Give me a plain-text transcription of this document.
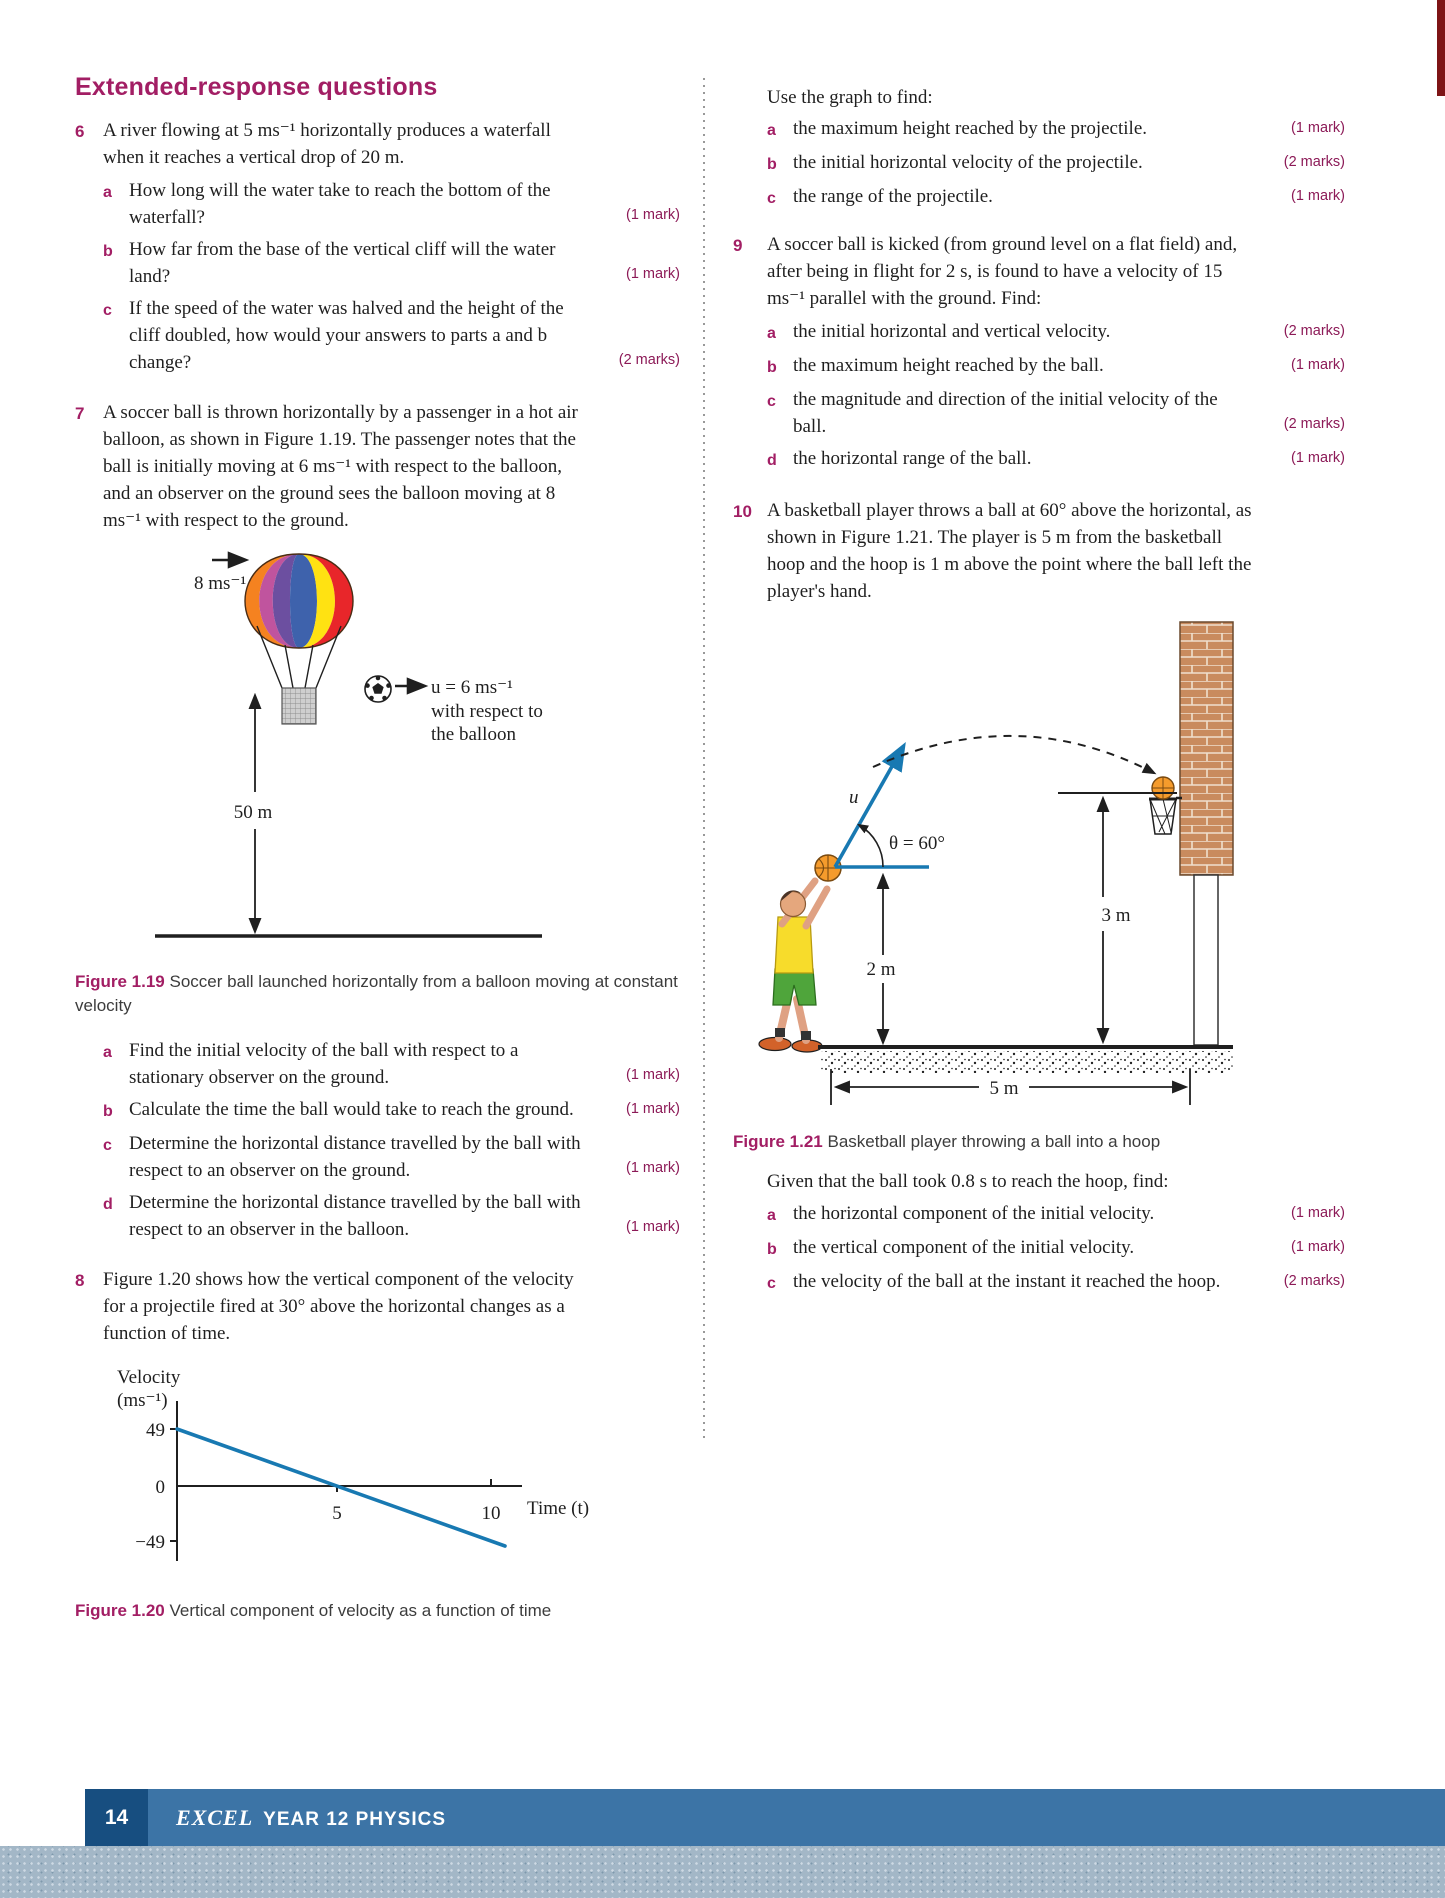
Extended-response questions
6 A river flowing at 5 ms⁻¹ horizontally produces a waterfall when it reaches a vertical drop of 20 m.
a How long will the water take to reach the bottom of the waterfall?	(1 mark)
b How far from the base of the vertical cliff will the water land?	(1 mark)
c If the speed of the water was halved and the height of the cliff doubled, how would your answers to parts a and b change?	(2 marks)
7 A soccer ball is thrown horizontally by a passenger in a hot air balloon, as shown in Figure 1.19. The passenger notes that the ball is initially moving at 6 ms⁻¹ with respect to the balloon, and an observer on the ground sees the balloon moving at 8 ms⁻¹ with respect to the ground.
8 ms⁻¹
u = 6 ms⁻¹
with respect to
the balloon
50 m
Figure 1.19 Soccer ball launched horizontally from a balloon moving at constant velocity
a Find the initial velocity of the ball with respect to a stationary observer on the ground.	(1 mark)
b Calculate the time the ball would take to reach the ground.	(1 mark)
c Determine the horizontal distance travelled by the ball with respect to an observer on the ground.	(1 mark)
d Determine the horizontal distance travelled by the ball with respect to an observer in the balloon.	(1 mark)
8 Figure 1.20 shows how the vertical component of the velocity for a projectile fired at 30° above the horizontal changes as a function of time.
Velocity
(ms⁻¹)
49
0
−49
5	10 Time (t)
Figure 1.20 Vertical component of velocity as a function of time
Use the graph to find:
a the maximum height reached by the projectile.	(1 mark)
b the initial horizontal velocity of the projectile.	(2 marks)
c the range of the projectile.	(1 mark)
9	A soccer ball is kicked (from ground level on a flat field) and, after being in flight for 2 s, is found to have a velocity of 15 ms⁻¹ parallel with the ground. Find:
a the initial horizontal and vertical velocity.	(2 marks)
b the maximum height reached by the ball.	(1 mark)
c the magnitude and direction of the initial velocity of the ball.	(2 marks)
d the horizontal range of the ball.	(1 mark)
10 A basketball player throws a ball at 60° above the horizontal, as shown in Figure 1.21. The player is 5 m from the basketball hoop and the hoop is 1 m above the point where the ball left the player's hand.
u
θ = 60°
2 m
3 m
5 m
Figure 1.21 Basketball player throwing a ball into a hoop
Given that the ball took 0.8 s to reach the hoop, find:
a the horizontal component of the initial velocity.	(1 mark)
b the vertical component of the initial velocity.	(1 mark)
c the velocity of the ball at the instant it reached the hoop.	(2 marks)
EXCEL YEAR 12 PHYSICS
14
